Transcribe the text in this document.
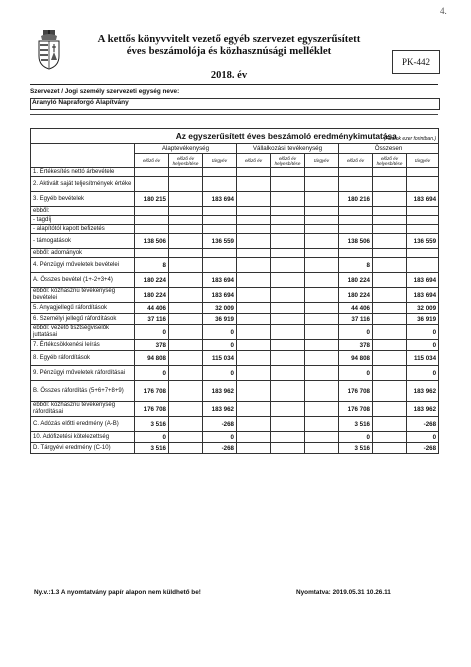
4.
A kettős könyvvitelt vezető egyéb szervezet egyszerűsített
éves beszámolója és közhasznúsági melléklet
2018. év
PK-442
Szervezet / Jogi személy szervezeti egység neve:
Aranyló Napraforgó Alapítvány
	Az egyszerűsített éves beszámoló eredménykimutatása
(Adatok ezer forintban.)								

	Alaptevékenység			Vállalkozási tevékenység			Összesen		
	előző év	előző év helyesbítése	tárgyév	előző év	előző év helyesbítése	tárgyév	előző év	előző év helyesbítése	tárgyév
1. Értékesítés nettó árbevétele									
2. Aktivált saját teljesítmények értéke									
3. Egyéb bevételek	180 215		183 694				180 216		183 694
ebből:									
- tagdíj									
- alapítótól kapott befizetés									
- támogatások	138 506		136 559				138 506		136 559
ebből: adományok									
4. Pénzügyi műveletek bevételei	8						8		
A. Összes bevétel (1+-2+3+4)	180 224		183 694				180 224		183 694
ebből: közhasznú tevékenység bevételei	180 224		183 694				180 224		183 694
5. Anyagjellegű ráfordítások	44 406		32 009				44 406		32 009
6. Személyi jellegű ráfordítások	37 116		36 919				37 116		36 919
ebből: vezető tisztségviselők juttatásai	0		0				0		0
7. Értékcsökkenési leírás	378		0				378		0
8. Egyéb ráfordítások	94 808		115 034				94 808		115 034
9. Pénzügyi műveletek ráfordításai	0		0				0		0
B. Összes ráfordítás (5+6+7+8+9)	176 708		183 962				176 708		183 962
ebből: közhasznú tevékenység ráfordításai	176 708		183 962				176 708		183 962
C. Adózás előtti eredmény (A-B)	3 516		-268				3 516		-268
10. Adófizetési kötelezettség	0		0				0		0
D. Tárgyévi eredmény (C-10)	3 516		-268				3 516		-268
Ny.v.:1.3 A nyomtatvány papír alapon nem küldhető be!	Nyomtatva: 2019.05.31 10.26.11
